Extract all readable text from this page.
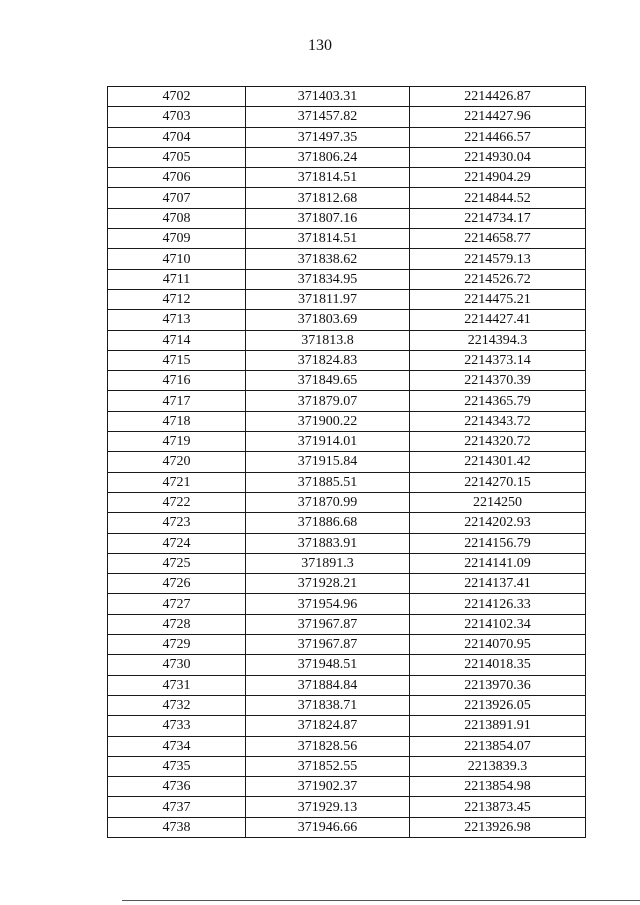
130
4702	371403.31	2214426.87
4703	371457.82	2214427.96
4704	371497.35	2214466.57
4705	371806.24	2214930.04
4706	371814.51	2214904.29
4707	371812.68	2214844.52
4708	371807.16	2214734.17
4709	371814.51	2214658.77
4710	371838.62	2214579.13
4711	371834.95	2214526.72
4712	371811.97	2214475.21
4713	371803.69	2214427.41
4714	371813.8	2214394.3
4715	371824.83	2214373.14
4716	371849.65	2214370.39
4717	371879.07	2214365.79
4718	371900.22	2214343.72
4719	371914.01	2214320.72
4720	371915.84	2214301.42
4721	371885.51	2214270.15
4722	371870.99	2214250
4723	371886.68	2214202.93
4724	371883.91	2214156.79
4725	371891.3	2214141.09
4726	371928.21	2214137.41
4727	371954.96	2214126.33
4728	371967.87	2214102.34
4729	371967.87	2214070.95
4730	371948.51	2214018.35
4731	371884.84	2213970.36
4732	371838.71	2213926.05
4733	371824.87	2213891.91
4734	371828.56	2213854.07
4735	371852.55	2213839.3
4736	371902.37	2213854.98
4737	371929.13	2213873.45
4738	371946.66	2213926.98
